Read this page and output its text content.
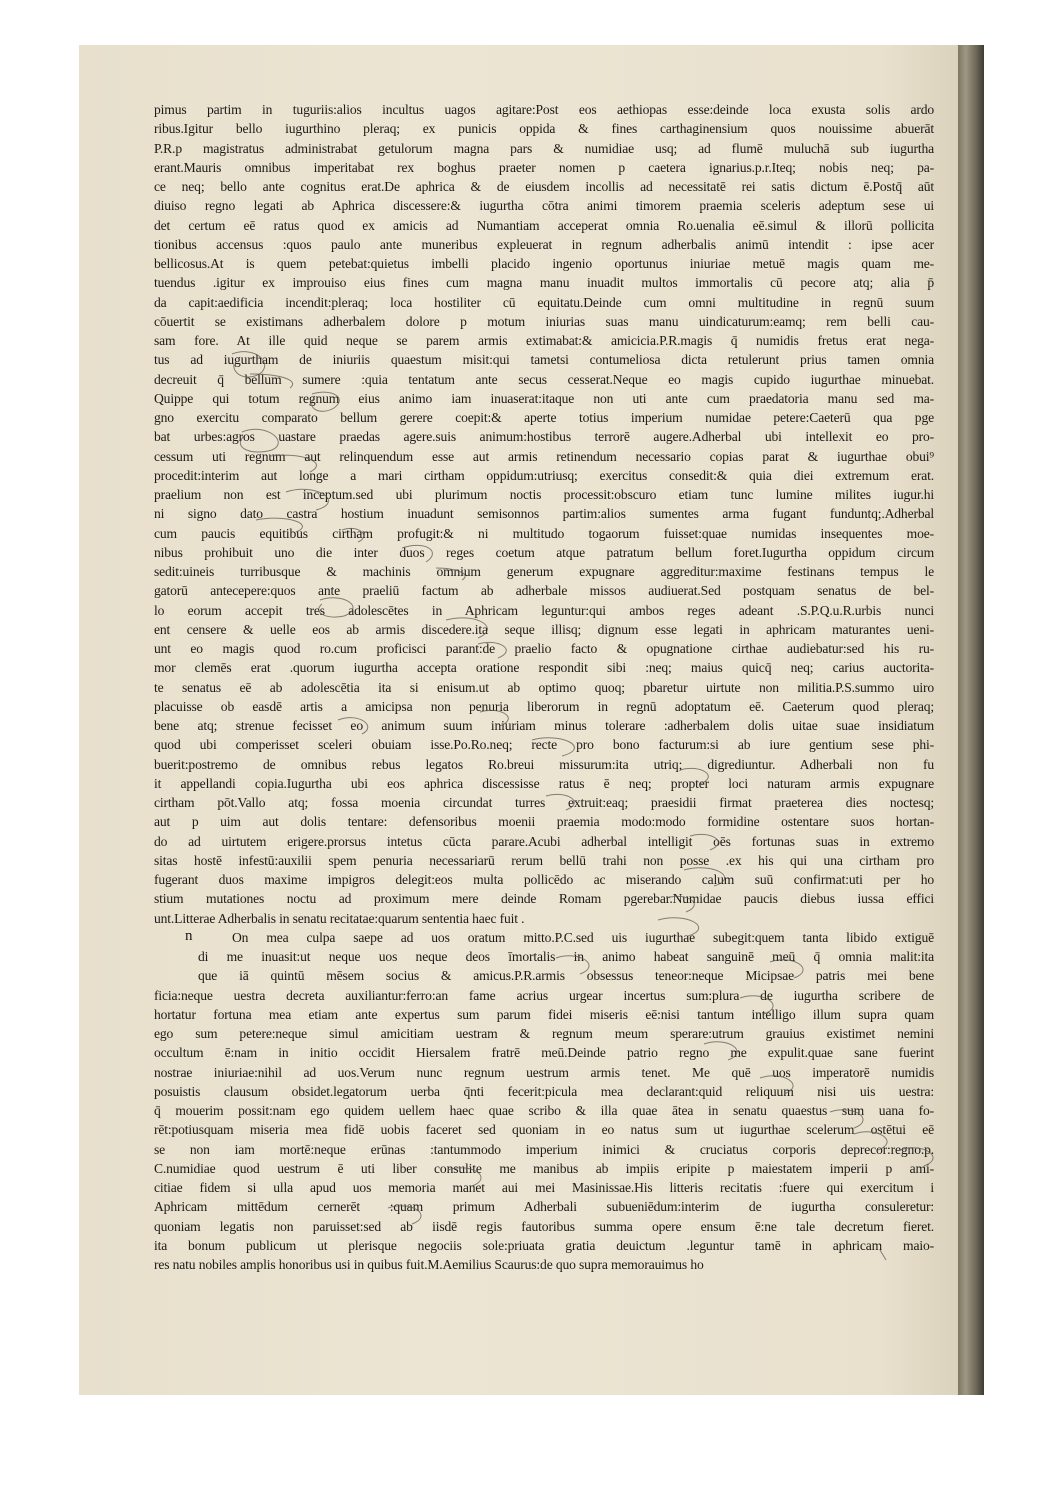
pimus partim in tuguriis:alios incultus uagos agitare:Post eos aethiopas esse:deinde loca exusta solis ardo
ribus.Igitur bello iugurthino pleraq; ex punicis oppida & fines carthaginensium quos nouissime abuerāt
P.R.p magistratus administrabat getulorum magna pars & numidiae usq; ad flumē muluchā sub iugurtha
erant.Mauris omnibus imperitabat rex boghus praeter nomen p caetera ignarius.p.r.Iteq; nobis neq; pa-
ce neq; bello ante cognitus erat.De aphrica & de eiusdem incollis ad necessitatē rei satis dictum ē.Postq̄ aūt
diuiso regno legati ab Aphrica discessere:& iugurtha cōtra animi timorem praemia sceleris adeptum sese ui
det certum eē ratus quod ex amicis ad Numantiam acceperat omnia Ro.uenalia eē.simul & illorū pollicita
tionibus accensus :quos paulo ante muneribus expleuerat in regnum adherbalis animū intendit : ipse acer
bellicosus.At is quem petebat:quietus imbelli placido ingenio oportunus iniuriae metuē magis quam me-
tuendus .igitur ex improuiso eius fines cum magna manu inuadit multos immortalis cū pecore atq; alia p̄
da capit:aedificia incendit:pleraq; loca hostiliter cū equitatu.Deinde cum omni multitudine in regnū suum
cōuertit se existimans adherbalem dolore p motum iniurias suas manu uindicaturum:eamq; rem belli cau-
sam fore. At ille quid neque se parem armis extimabat:& amicicia.P.R.magis q̄ numidis fretus erat nega-
tus ad iugurtham de iniuriis quaestum misit:qui tametsi contumeliosa dicta retulerunt prius tamen omnia
decreuit q̄ bellum sumere :quia tentatum ante secus cesserat.Neque eo magis cupido iugurthae minuebat.
Quippe qui totum regnum eius animo iam inuaserat:itaque non uti ante cum praedatoria manu sed ma-
gno exercitu comparato bellum gerere coepit:& aperte totius imperium numidae petere:Caeterū qua pge
bat urbes:agros uastare praedas agere.suis animum:hostibus terrorē augere.Adherbal ubi intellexit eo pro-
cessum uti regnum aut relinquendum esse aut armis retinendum necessario copias parat & iugurthae obui⁹
procedit:interim aut longe a mari cirtham oppidum:utriusq; exercitus consedit:& quia diei extremum erat.
praelium non est inceptum.sed ubi plurimum noctis processit:obscuro etiam tunc lumine milites iugur.hi
ni signo dato castra hostium inuadunt semisonnos partim:alios sumentes arma fugant funduntq;.Adherbal
cum paucis equitibus cirtham profugit:& ni multitudo togaorum fuisset:quae numidas insequentes moe-
nibus prohibuit uno die inter duos reges coetum atque patratum bellum foret.Iugurtha oppidum circum
sedit:uineis turribusque & machinis omnium generum expugnare aggreditur:maxime festinans tempus le
gatorū antecepere:quos ante praeliū factum ab adherbale missos audiuerat.Sed postquam senatus de bel-
lo eorum accepit tres adolescētes in Aphricam leguntur:qui ambos reges adeant .S.P.Q.u.R.urbis nunci
ent censere & uelle eos ab armis discedere.ita seque illisq; dignum esse legati in aphricam maturantes ueni-
unt eo magis quod ro.cum proficisci parant:de praelio facto & opugnatione cirthae audiebatur:sed his ru-
mor clemēs erat .quorum iugurtha accepta oratione respondit sibi :neq; maius quicq̄ neq; carius auctorita-
te senatus eē ab adolescētia ita si enisum.ut ab optimo quoq; pbaretur uirtute non militia.P.S.summo uiro
placuisse ob easdē artis a amicipsa non penuria liberorum in regnū adoptatum eē. Caeterum quod pleraq;
bene atq; strenue fecisset eo animum suum iniuriam minus tolerare :adherbalem dolis uitae suae insidiatum
quod ubi comperisset sceleri obuiam isse.Po.Ro.neq; recte pro bono facturum:si ab iure gentium sese phi-
buerit:postremo de omnibus rebus legatos Ro.breui missurum:ita utriq; digrediuntur. Adherbali non fu
it appellandi copia.Iugurtha ubi eos aphrica discessisse ratus ē neq; propter loci naturam armis expugnare
cirtham pōt.Vallo atq; fossa moenia circundat turres extruit:eaq; praesidii firmat praeterea dies noctesq;
aut p uim aut dolis tentare: defensoribus moenii praemia modo:modo formidine ostentare suos hortan-
do ad uirtutem erigere.prorsus intetus cūcta parare.Acubi adherbal intelligit oēs fortunas suas in extremo
sitas hostē infestū:auxilii spem penuria necessariarū rerum bellū trahi non posse .ex his qui una cirtham pro
fugerant duos maxime impigros delegit:eos multa pollicēdo ac miserando calum suū confirmat:uti per ho
stium mutationes noctu ad proximum mere deinde Romam pgerebar.Numidae paucis diebus iussa effici
unt.Litterae Adherbalis in senatu recitatae:quarum sententia haec fuit .
On mea culpa saepe ad uos oratum mitto.P.C.sed uis iugurthae subegit:quem tanta libido extiguē
di me inuasit:ut neque uos neque deos īmortalis in animo habeat sanguinē meū q̄ omnia malit:ita
que iā quintū mēsem socius & amicus.P.R.armis obsessus teneor:neque Micipsae patris mei bene
ficia:neque uestra decreta auxiliantur:ferro:an fame acrius urgear incertus sum:plura de iugurtha scribere de
hortatur fortuna mea etiam ante expertus sum parum fidei miseris eē:nisi tantum intelligo illum supra quam
ego sum petere:neque simul amicitiam uestram & regnum meum sperare:utrum grauius existimet nemini
occultum ē:nam in initio occidit Hiersalem fratrē meū.Deinde patrio regno me expulit.quae sane fuerint
nostrae iniuriae:nihil ad uos.Verum nunc regnum uestrum armis tenet. Me quē uos imperatorē numidis
posuistis clausum obsidet.legatorum uerba q̄nti fecerit:picula mea declarant:quid reliquum nisi uis uestra:
q̄ mouerim possit:nam ego quidem uellem haec quae scribo & illa quae ātea in senatu quaestus sum uana fo-
rēt:potiusquam miseria mea fidē uobis faceret sed quoniam in eo natus sum ut iugurthae scelerum ostētui eē
se non iam mortē:neque erūnas :tantummodo imperium inimici & cruciatus corporis deprecor:regno.p.
C.numidiae quod uestrum ē uti liber consulite me manibus ab impiis eripite p maiestatem imperii p ami-
citiae fidem si ulla apud uos memoria manet aui mei Masinissae.His litteris recitatis :fuere qui exercitum i
Aphricam mittēdum cernerēt :quam primum Adherbali subueniēdum:interim de iugurtha consuleretur:
quoniam legatis non paruisset:sed ab iisdē regis fautoribus summa opere ensum ē:ne tale decretum fieret.
ita bonum publicum ut plerisque negociis sole:priuata gratia deuictum .leguntur tamē in aphricam maio-
res natu nobiles amplis honoribus usi in quibus fuit.M.Aemilius Scaurus:de quo supra memorauimus ho
n
